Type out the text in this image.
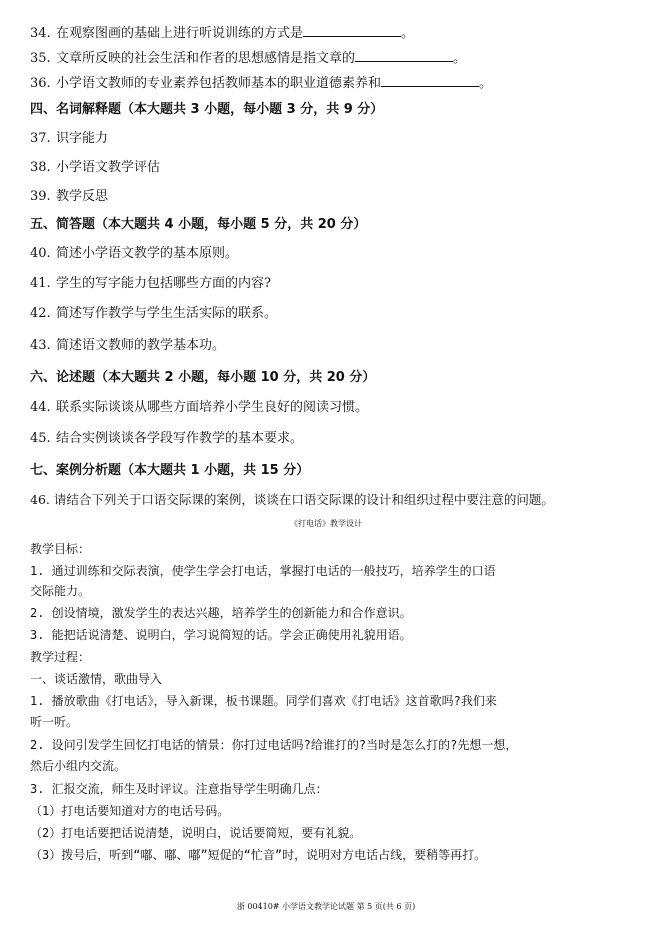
34. 在观察图画的基础上进行听说训练的方式是	。
35. 文章所反映的社会生活和作者的思想感情是指文章的	。
36. 小学语文教师的专业素养包括教师基本的职业道德素养和	。
四、名词解释题（本大题共 3 小题，每小题 3 分，共 9 分）
37. 识字能力
38. 小学语文教学评估
39. 教学反思
五、简答题（本大题共 4 小题，每小题 5 分，共 20 分）
40. 简述小学语文教学的基本原则。
41. 学生的写字能力包括哪些方面的内容?
42. 简述写作教学与学生生活实际的联系。
43. 简述语文教师的教学基本功。
六、论述题（本大题共 2 小题，每小题 10 分，共 20 分）
44. 联系实际谈谈从哪些方面培养小学生良好的阅读习惯。
45. 结合实例谈谈各学段写作教学的基本要求。
七、案例分析题（本大题共 1 小题，共 15 分）
46. 请结合下列关于口语交际课的案例，谈谈在口语交际课的设计和组织过程中要注意的问题。
《打电话》教学设计
教学目标：
1. 通过训练和交际表演，使学生学会打电话，掌握打电话的一般技巧，培养学生的口语
交际能力。
2. 创设情境，激发学生的表达兴趣，培养学生的创新能力和合作意识。
3. 能把话说清楚、说明白，学习说简短的话。学会正确使用礼貌用语。
教学过程：
一、谈话激情，歌曲导入
1. 播放歌曲《打电话》，导入新课，板书课题。同学们喜欢《打电话》这首歌吗?我们来
听一听。
2. 设问引发学生回忆打电话的情景：你打过电话吗?给谁打的?当时是怎么打的?先想一想，
然后小组内交流。
3. 汇报交流，师生及时评议。注意指导学生明确几点：
（1）打电话要知道对方的电话号码。
（2）打电话要把话说清楚，说明白，说话要简短，要有礼貌。
（3）拨号后，听到“嘟、嘟、嘟”短促的“忙音”时，说明对方电话占线，要稍等再打。
浙 00410# 小学语文教学论试题 第 5 页(共 6 页)
